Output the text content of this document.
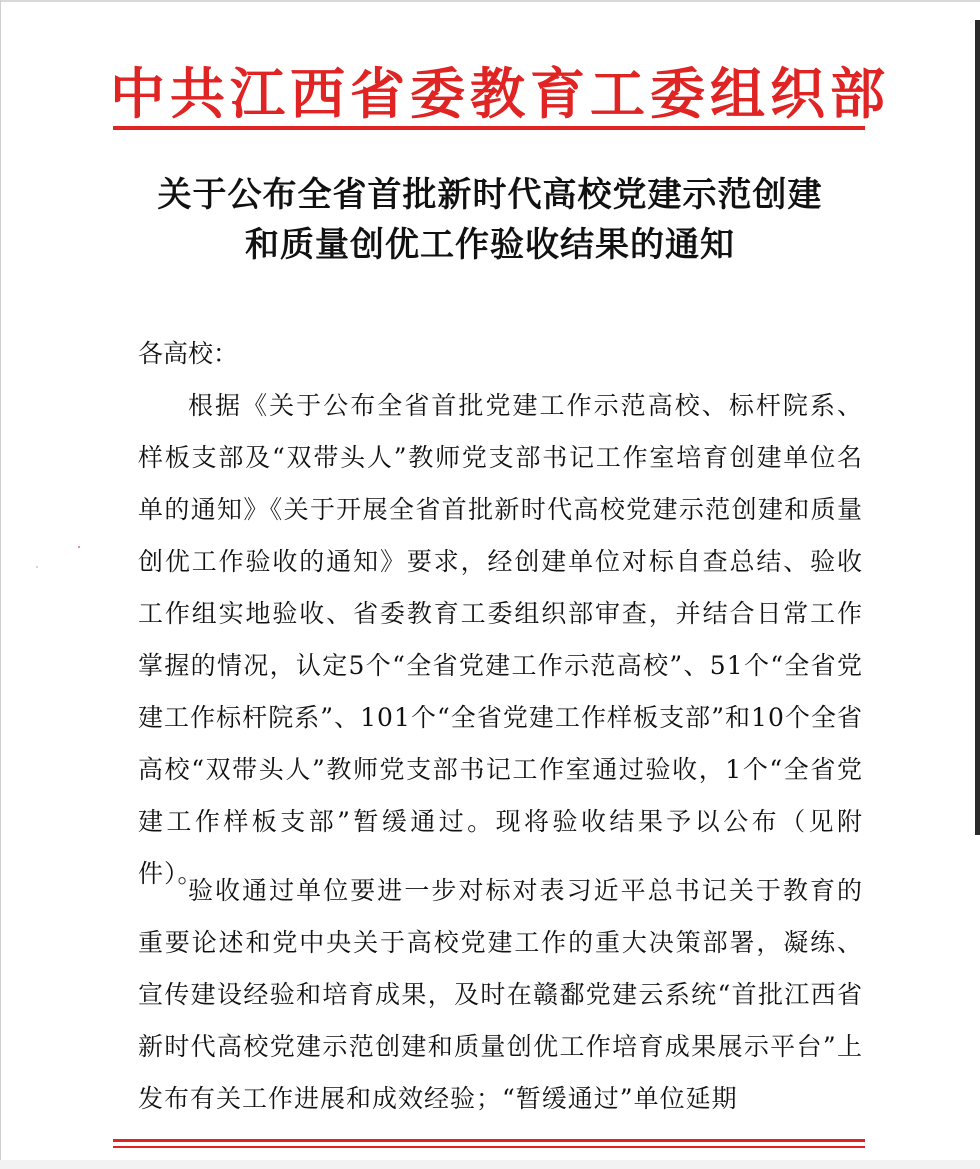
中共江西省委教育工委组织部
关于公布全省首批新时代高校党建示范创建
和质量创优工作验收结果的通知
各高校：
根据《关于公布全省首批党建工作示范高校、标杆院系、样板支部及“双带头人”教师党支部书记工作室培育创建单位名单的通知》《关于开展全省首批新时代高校党建示范创建和质量创优工作验收的通知》要求，经创建单位对标自查总结、验收工作组实地验收、省委教育工委组织部审查，并结合日常工作掌握的情况，认定5个“全省党建工作示范高校”、51个“全省党建工作标杆院系”、101个“全省党建工作样板支部”和10个全省高校“双带头人”教师党支部书记工作室通过验收，1个“全省党建工作样板支部”暂缓通过。现将验收结果予以公布（见附件）。
验收通过单位要进一步对标对表习近平总书记关于教育的重要论述和党中央关于高校党建工作的重大决策部署，凝练、宣传建设经验和培育成果，及时在赣鄱党建云系统“首批江西省新时代高校党建示范创建和质量创优工作培育成果展示平台”上发布有关工作进展和成效经验；“暂缓通过”单位延期
